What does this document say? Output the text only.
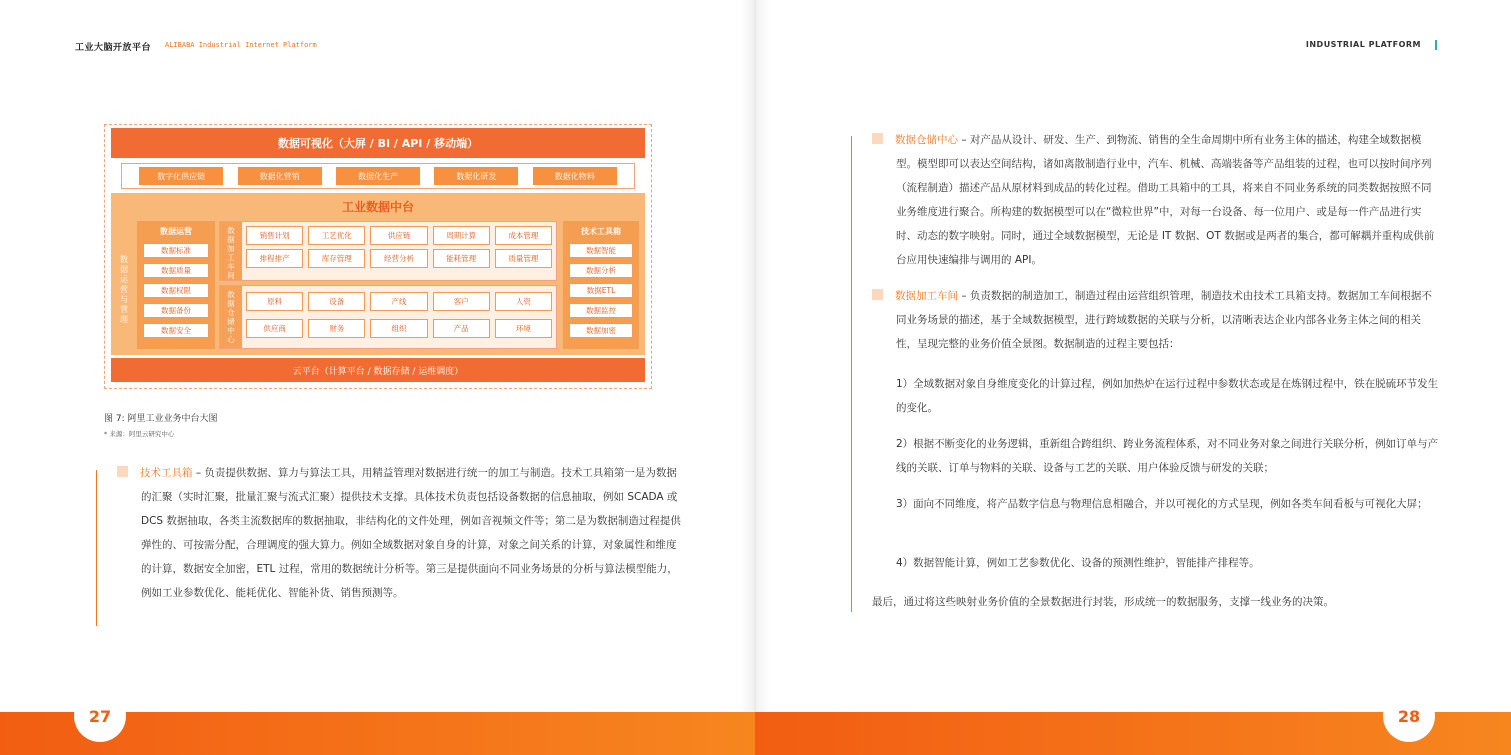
工业大脑开放平台 ALIBABA Industrial Internet Platform	INDUSTRIAL PLATFORM
数据可视化（大屏 / BI / API / 移动端）
数字化供应链	数据化营销	数据化生产	数据化研发	数据化物料
工业数据中台
数据运营与管理
数据运营
数据标准
数据质量
数据权限
数据备份
数据安全
数据加工车间
销售计划	工艺优化	供应链	周期计算	成本管理
排程排产	库存管理	经营分析	能耗管理	质量管理
数据仓储中心
原料	设备	产线	客户	人资
供应商	财务	组织	产品	环境
技术工具箱
数据智能
数据分析
数据ETL
数据监控
数据加密
云平台（计算平台 / 数据存储 / 运维调度）
图 7: 阿里工业业务中台大图
* 来源：阿里云研究中心
技术工具箱 – 负责提供数据、算力与算法工具，用精益管理对数据进行统一的加工与制造。技术工具箱第一是为数据的汇聚（实时汇聚，批量汇聚与流式汇聚）提供技术支撑。具体技术负责包括设备数据的信息抽取，例如 SCADA 或 DCS 数据抽取，各类主流数据库的数据抽取，非结构化的文件处理，例如音视频文件等；第二是为数据制造过程提供弹性的、可按需分配，合理调度的强大算力。例如全域数据对象自身的计算，对象之间关系的计算，对象属性和维度的计算，数据安全加密，ETL 过程，常用的数据统计分析等。第三是提供面向不同业务场景的分析与算法模型能力，例如工业参数优化、能耗优化、智能补货、销售预测等。
数据仓储中心 – 对产品从设计、研发、生产、到物流、销售的全生命周期中所有业务主体的描述，构建全域数据模型。模型即可以表达空间结构，诸如离散制造行业中，汽车、机械、高端装备等产品组装的过程，也可以按时间序列（流程制造）描述产品从原材料到成品的转化过程。借助工具箱中的工具，将来自不同业务系统的同类数据按照不同业务维度进行聚合。所构建的数据模型可以在“微粒世界”中，对每一台设备、每一位用户、或是每一件产品进行实时、动态的数字映射。同时，通过全域数据模型，无论是 IT 数据、OT 数据或是两者的集合，都可解耦并重构成供前台应用快速编排与调用的 API。
数据加工车间 – 负责数据的制造加工，制造过程由运营组织管理，制造技术由技术工具箱支持。数据加工车间根据不同业务场景的描述，基于全域数据模型，进行跨域数据的关联与分析，以清晰表达企业内部各业务主体之间的相关性，呈现完整的业务价值全景图。数据制造的过程主要包括：
1）全域数据对象自身维度变化的计算过程，例如加热炉在运行过程中参数状态或是在炼钢过程中，铁在脱硫环节发生的变化。
2）根据不断变化的业务逻辑，重新组合跨组织、跨业务流程体系，对不同业务对象之间进行关联分析，例如订单与产线的关联、订单与物料的关联、设备与工艺的关联、用户体验反馈与研发的关联；
3）面向不同维度，将产品数字信息与物理信息相融合，并以可视化的方式呈现，例如各类车间看板与可视化大屏；
4）数据智能计算，例如工艺参数优化、设备的预测性维护，智能排产排程等。
最后，通过将这些映射业务价值的全景数据进行封装，形成统一的数据服务，支撑一线业务的决策。
27	28
